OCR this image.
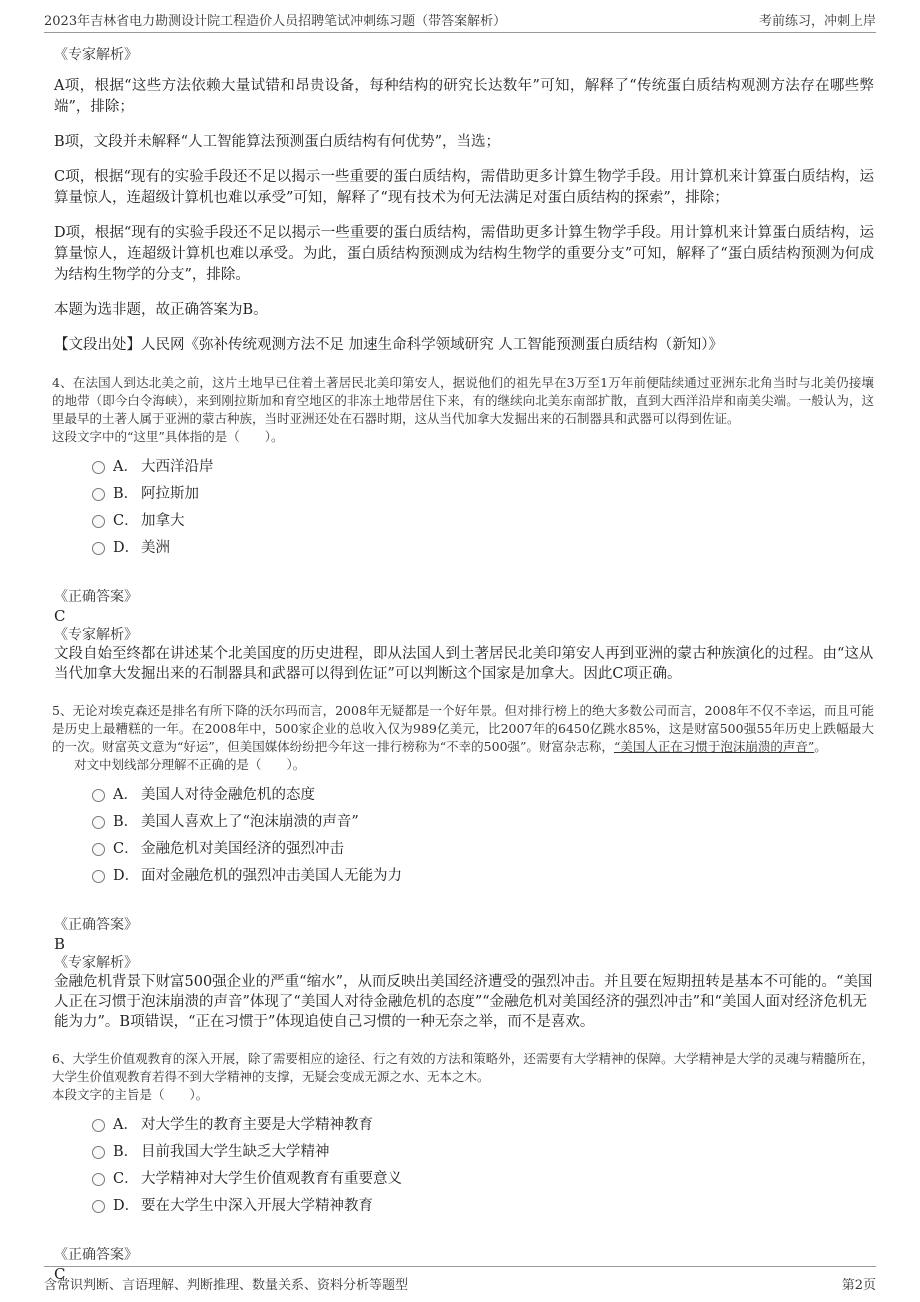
2023年吉林省电力勘测设计院工程造价人员招聘笔试冲刺练习题（带答案解析）	考前练习，冲刺上岸
《专家解析》

A项，根据“这些方法依赖大量试错和昂贵设备，每种结构的研究长达数年”可知，解释了“传统蛋白质结构观测方法存在哪些弊端”，排除；

B项，文段并未解释“人工智能算法预测蛋白质结构有何优势”，当选；

C项，根据“现有的实验手段还不足以揭示一些重要的蛋白质结构，需借助更多计算生物学手段。用计算机来计算蛋白质结构，运算量惊人，连超级计算机也难以承受”可知，解释了“现有技术为何无法满足对蛋白质结构的探索”，排除；

D项，根据“现有的实验手段还不足以揭示一些重要的蛋白质结构，需借助更多计算生物学手段。用计算机来计算蛋白质结构，运算量惊人，连超级计算机也难以承受。为此，蛋白质结构预测成为结构生物学的重要分支”可知，解释了“蛋白质结构预测为何成为结构生物学的分支”，排除。

本题为选非题，故正确答案为B。

【文段出处】人民网《弥补传统观测方法不足 加速生命科学领域研究 人工智能预测蛋白质结构（新知）》

4、在法国人到达北美之前，这片土地早已住着土著居民北美印第安人，据说他们的祖先早在3万至1万年前便陆续通过亚洲东北角当时与北美仍接壤的地带（即今白令海峡），来到刚拉斯加和育空地区的非冻土地带居住下来，有的继续向北美东南部扩散，直到大西洋沿岸和南美尖端。一般认为，这里最早的土著人属于亚洲的蒙古种族，当时亚洲还处在石器时期，这从当代加拿大发掘出来的石制器具和武器可以得到佐证。
这段文字中的“这里”具体指的是（　　）。

A． 大西洋沿岸
B． 阿拉斯加
C． 加拿大
D． 美洲
《正确答案》
C
《专家解析》

文段自始至终都在讲述某个北美国度的历史进程，即从法国人到土著居民北美印第安人再到亚洲的蒙古种族演化的过程。由“这从当代加拿大发掘出来的石制器具和武器可以得到佐证”可以判断这个国家是加拿大。因此C项正确。

5、无论对埃克森还是排名有所下降的沃尔玛而言，2008年无疑都是一个好年景。但对排行榜上的绝大多数公司而言，2008年不仅不幸运，而且可能是历史上最糟糕的一年。在2008年中，500家企业的总收入仅为989亿美元，比2007年的6450亿跳水85%，这是财富500强55年历史上跌幅最大的一次。财富英文意为“好运”，但美国媒体纷纷把今年这一排行榜称为“不幸的500强”。财富杂志称，“美国人正在习惯于泡沫崩溃的声音”。
对文中划线部分理解不正确的是（　　）。

A． 美国人对待金融危机的态度
B． 美国人喜欢上了“泡沫崩溃的声音”
C． 金融危机对美国经济的强烈冲击
D． 面对金融危机的强烈冲击美国人无能为力
《正确答案》
B
《专家解析》

金融危机背景下财富500强企业的严重“缩水”，从而反映出美国经济遭受的强烈冲击。并且要在短期扭转是基本不可能的。“美国人正在习惯于泡沫崩溃的声音”体现了“美国人对待金融危机的态度”“金融危机对美国经济的强烈冲击”和“美国人面对经济危机无能为力”。B项错误，“正在习惯于”体现追使自己习惯的一种无奈之举，而不是喜欢。

6、大学生价值观教育的深入开展，除了需要相应的途径、行之有效的方法和策略外，还需要有大学精神的保障。大学精神是大学的灵魂与精髓所在，大学生价值观教育若得不到大学精神的支撑，无疑会变成无源之水、无本之木。
本段文字的主旨是（　　）。

A． 对大学生的教育主要是大学精神教育
B． 目前我国大学生缺乏大学精神
C． 大学精神对大学生价值观教育有重要意义
D． 要在大学生中深入开展大学精神教育
《正确答案》
C
含常识判断、言语理解、判断推理、数量关系、资料分析等题型	第2页
